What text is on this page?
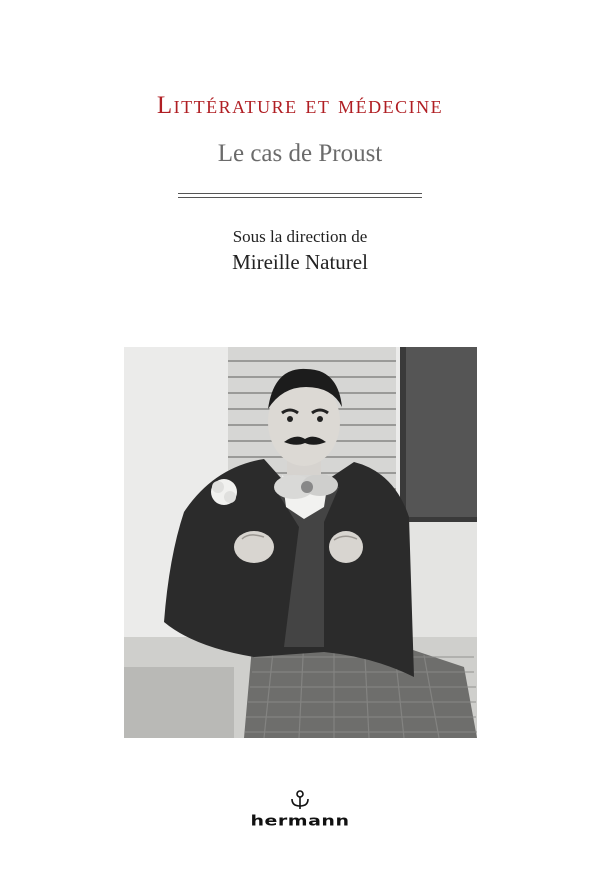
Littérature et médecine
Le cas de Proust
Sous la direction de
Mireille Naturel
hermann
